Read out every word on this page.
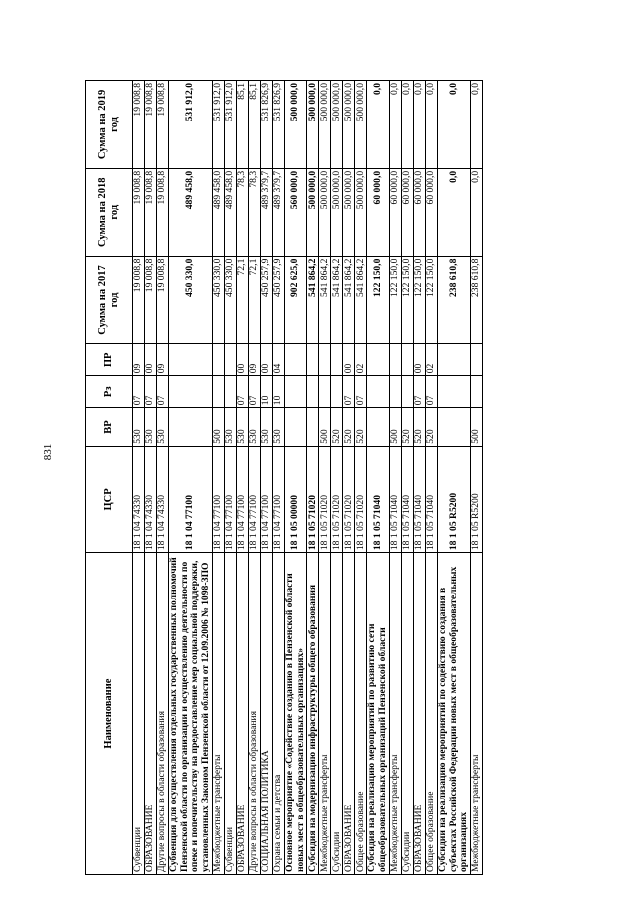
831
Наименование	ЦСР	ВР	Рз	ПР	Сумма на 2017 год	Сумма на 2018 год	Сумма на 2019 год
Субвенции	18 1 04 74330	530	07	09	19 008,8	19 008,8	19 008,8
ОБРАЗОВАНИЕ	18 1 04 74330	530	07	00	19 008,8	19 008,8	19 008,8
Другие вопросы в области образования	18 1 04 74330	530	07	09	19 008,8	19 008,8	19 008,8
Субвенция для осуществления отдельных государственных полномочий Пензенской области по организации и осуществлению деятельности по опеке и попечительству на предоставление мер социальной поддержки, установленных Законом Пензенской области от 12.09.2006 № 1098-ЗПО	18 1 04 77100				450 330,0	489 458,0	531 912,0
Межбюджетные трансферты	18 1 04 77100	500			450 330,0	489 458,0	531 912,0
Субвенции	18 1 04 77100	530			450 330,0	489 458,0	531 912,0
ОБРАЗОВАНИЕ	18 1 04 77100	530	07	00	72,1	78,3	85,1
Другие вопросы в области образования	18 1 04 77100	530	07	09	72,1	78,3	85,1
СОЦИАЛЬНАЯ ПОЛИТИКА	18 1 04 77100	530	10	00	450 257,9	489 379,7	531 826,9
Охрана семьи и детства	18 1 04 77100	530	10	04	450 257,9	489 379,7	531 826,9
Основное мероприятие «Содействие созданию в Пензенской области новых мест в общеобразовательных организациях»	18 1 05 00000				902 625,0	560 000,0	500 000,0
Субсидия на модернизацию инфраструктуры общего образования	18 1 05 71020				541 864,2	500 000,0	500 000,0
Межбюджетные трансферты	18 1 05 71020	500			541 864,2	500 000,0	500 000,0
Субсидии	18 1 05 71020	520			541 864,2	500 000,0	500 000,0
ОБРАЗОВАНИЕ	18 1 05 71020	520	07	00	541 864,2	500 000,0	500 000,0
Общее образование	18 1 05 71020	520	07	02	541 864,2	500 000,0	500 000,0
Субсидия на реализацию мероприятий по развитию сети общеобразовательных организаций Пензенской области	18 1 05 71040				122 150,0	60 000,0	0,0
Межбюджетные трансферты	18 1 05 71040	500			122 150,0	60 000,0	0,0
Субсидии	18 1 05 71040	520			122 150,0	60 000,0	0,0
ОБРАЗОВАНИЕ	18 1 05 71040	520	07	00	122 150,0	60 000,0	0,0
Общее образование	18 1 05 71040	520	07	02	122 150,0	60 000,0	0,0
Субсидии на реализацию мероприятий по содействию создания в субъектах Российской Федерации новых мест в общеобразовательных организациях	18 1 05 R5200				238 610,8	0,0	0,0
Межбюджетные трансферты	18 1 05 R5200	500			238 610,8	0,0	0,0
